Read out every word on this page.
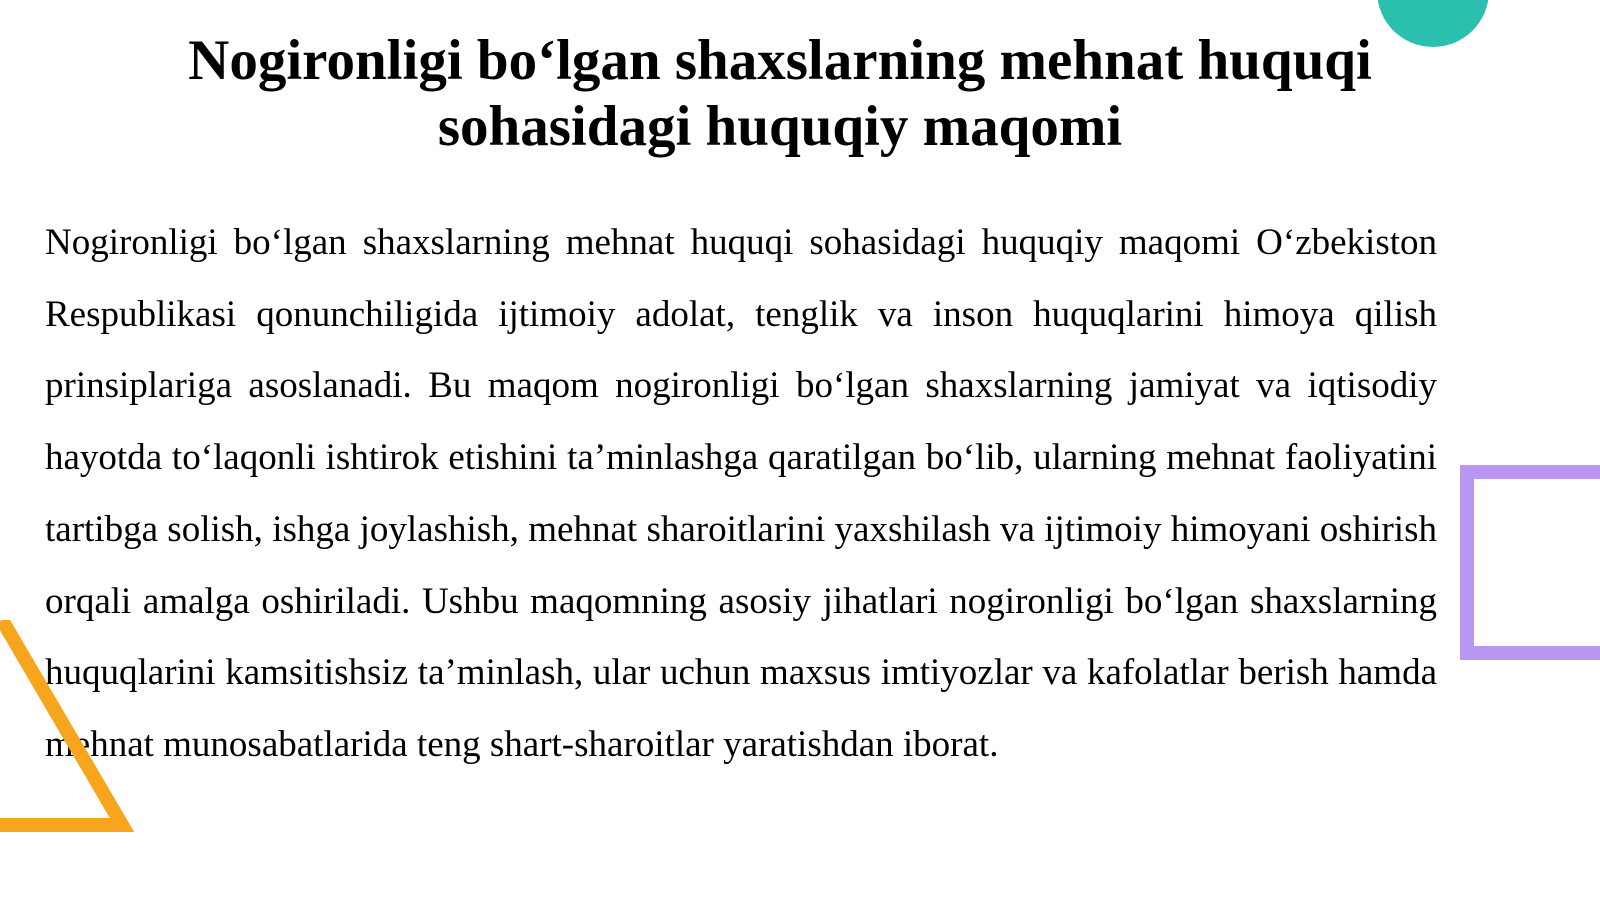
Nogironligi bo‘lgan shaxslarning mehnat huquqi sohasidagi huquqiy maqomi

Nogironligi bo‘lgan shaxslarning mehnat huquqi sohasidagi huquqiy maqomi O‘zbekiston Respublikasi qonunchiligida ijtimoiy adolat, tenglik va inson huquqlarini himoya qilish prinsiplariga asoslanadi. Bu maqom nogironligi bo‘lgan shaxslarning jamiyat va iqtisodiy hayotda to‘laqonli ishtirok etishini ta’minlashga qaratilgan bo‘lib, ularning mehnat faoliyatini tartibga solish, ishga joylashish, mehnat sharoitlarini yaxshilash va ijtimoiy himoyani oshirish orqali amalga oshiriladi. Ushbu maqomning asosiy jihatlari nogironligi bo‘lgan shaxslarning huquqlarini kamsitishsiz ta’minlash, ular uchun maxsus imtiyozlar va kafolatlar berish hamda mehnat munosabatlarida teng shart-sharoitlar yaratishdan iborat.
